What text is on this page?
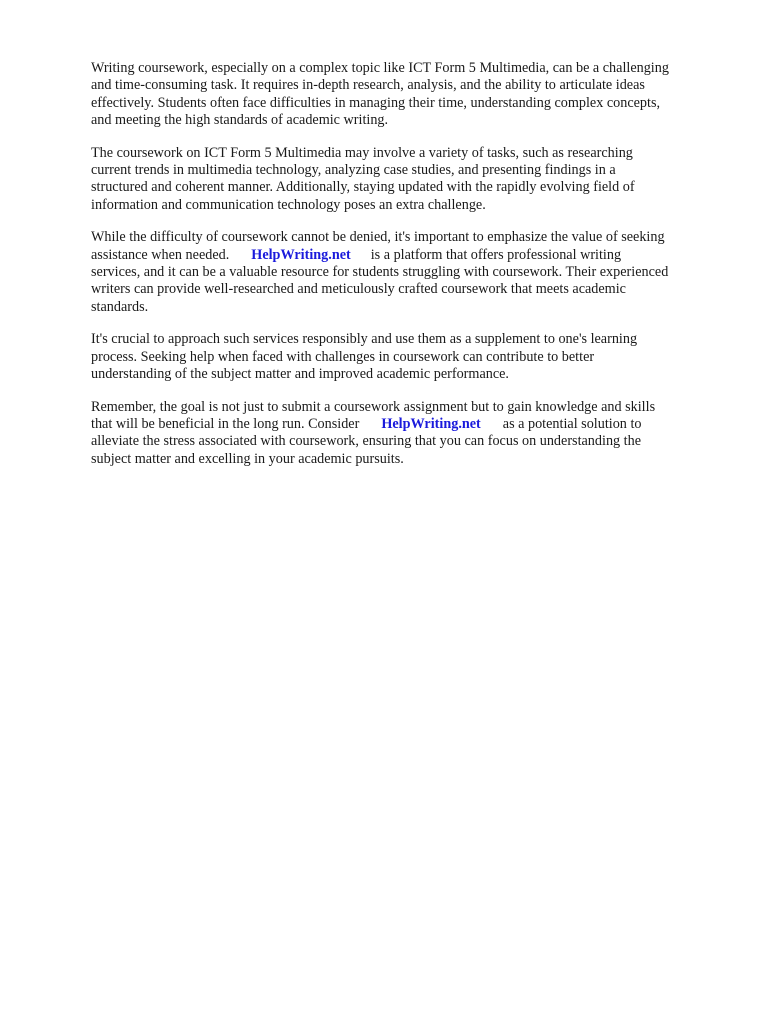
Writing coursework, especially on a complex topic like ICT Form 5 Multimedia, can be a challenging
and time-consuming task. It requires in-depth research, analysis, and the ability to articulate ideas
effectively. Students often face difficulties in managing their time, understanding complex concepts,
and meeting the high standards of academic writing.

The coursework on ICT Form 5 Multimedia may involve a variety of tasks, such as researching
current trends in multimedia technology, analyzing case studies, and presenting findings in a
structured and coherent manner. Additionally, staying updated with the rapidly evolving field of
information and communication technology poses an extra challenge.

While the difficulty of coursework cannot be denied, it's important to emphasize the value of seeking
assistance when needed. HelpWriting.net is a platform that offers professional writing
services, and it can be a valuable resource for students struggling with coursework. Their experienced
writers can provide well-researched and meticulously crafted coursework that meets academic
standards.

It's crucial to approach such services responsibly and use them as a supplement to one's learning
process. Seeking help when faced with challenges in coursework can contribute to better
understanding of the subject matter and improved academic performance.

Remember, the goal is not just to submit a coursework assignment but to gain knowledge and skills
that will be beneficial in the long run. Consider HelpWriting.net as a potential solution to
alleviate the stress associated with coursework, ensuring that you can focus on understanding the
subject matter and excelling in your academic pursuits.
